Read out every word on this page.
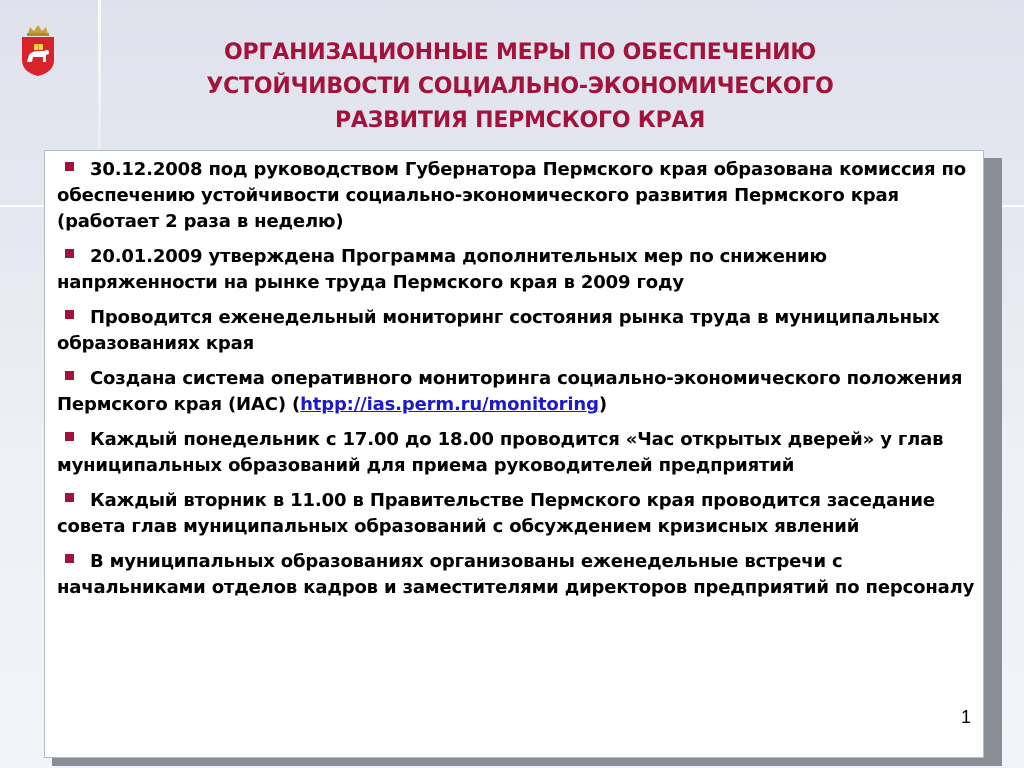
ОРГАНИЗАЦИОННЫЕ МЕРЫ ПО ОБЕСПЕЧЕНИЮ
УСТОЙЧИВОСТИ СОЦИАЛЬНО-ЭКОНОМИЧЕСКОГО
РАЗВИТИЯ ПЕРМСКОГО КРАЯ
30.12.2008 под руководством Губернатора Пермского края образована комиссия по обеспечению устойчивости социально-экономического развития Пермского края (работает 2 раза в неделю)
20.01.2009 утверждена Программа дополнительных мер по снижению напряженности на рынке труда Пермского края в 2009 году
Проводится еженедельный мониторинг состояния рынка труда в муниципальных образованиях края
Создана система оперативного мониторинга социально-экономического положения Пермского края (ИАС) (htpp://ias.perm.ru/monitoring)
Каждый понедельник с 17.00 до 18.00 проводится «Час открытых дверей» у глав муниципальных образований для приема руководителей предприятий
Каждый вторник в 11.00 в Правительстве Пермского края проводится заседание совета глав муниципальных образований с обсуждением кризисных явлений
В муниципальных образованиях организованы еженедельные встречи с начальниками отделов кадров и заместителями директоров предприятий по персоналу
1
